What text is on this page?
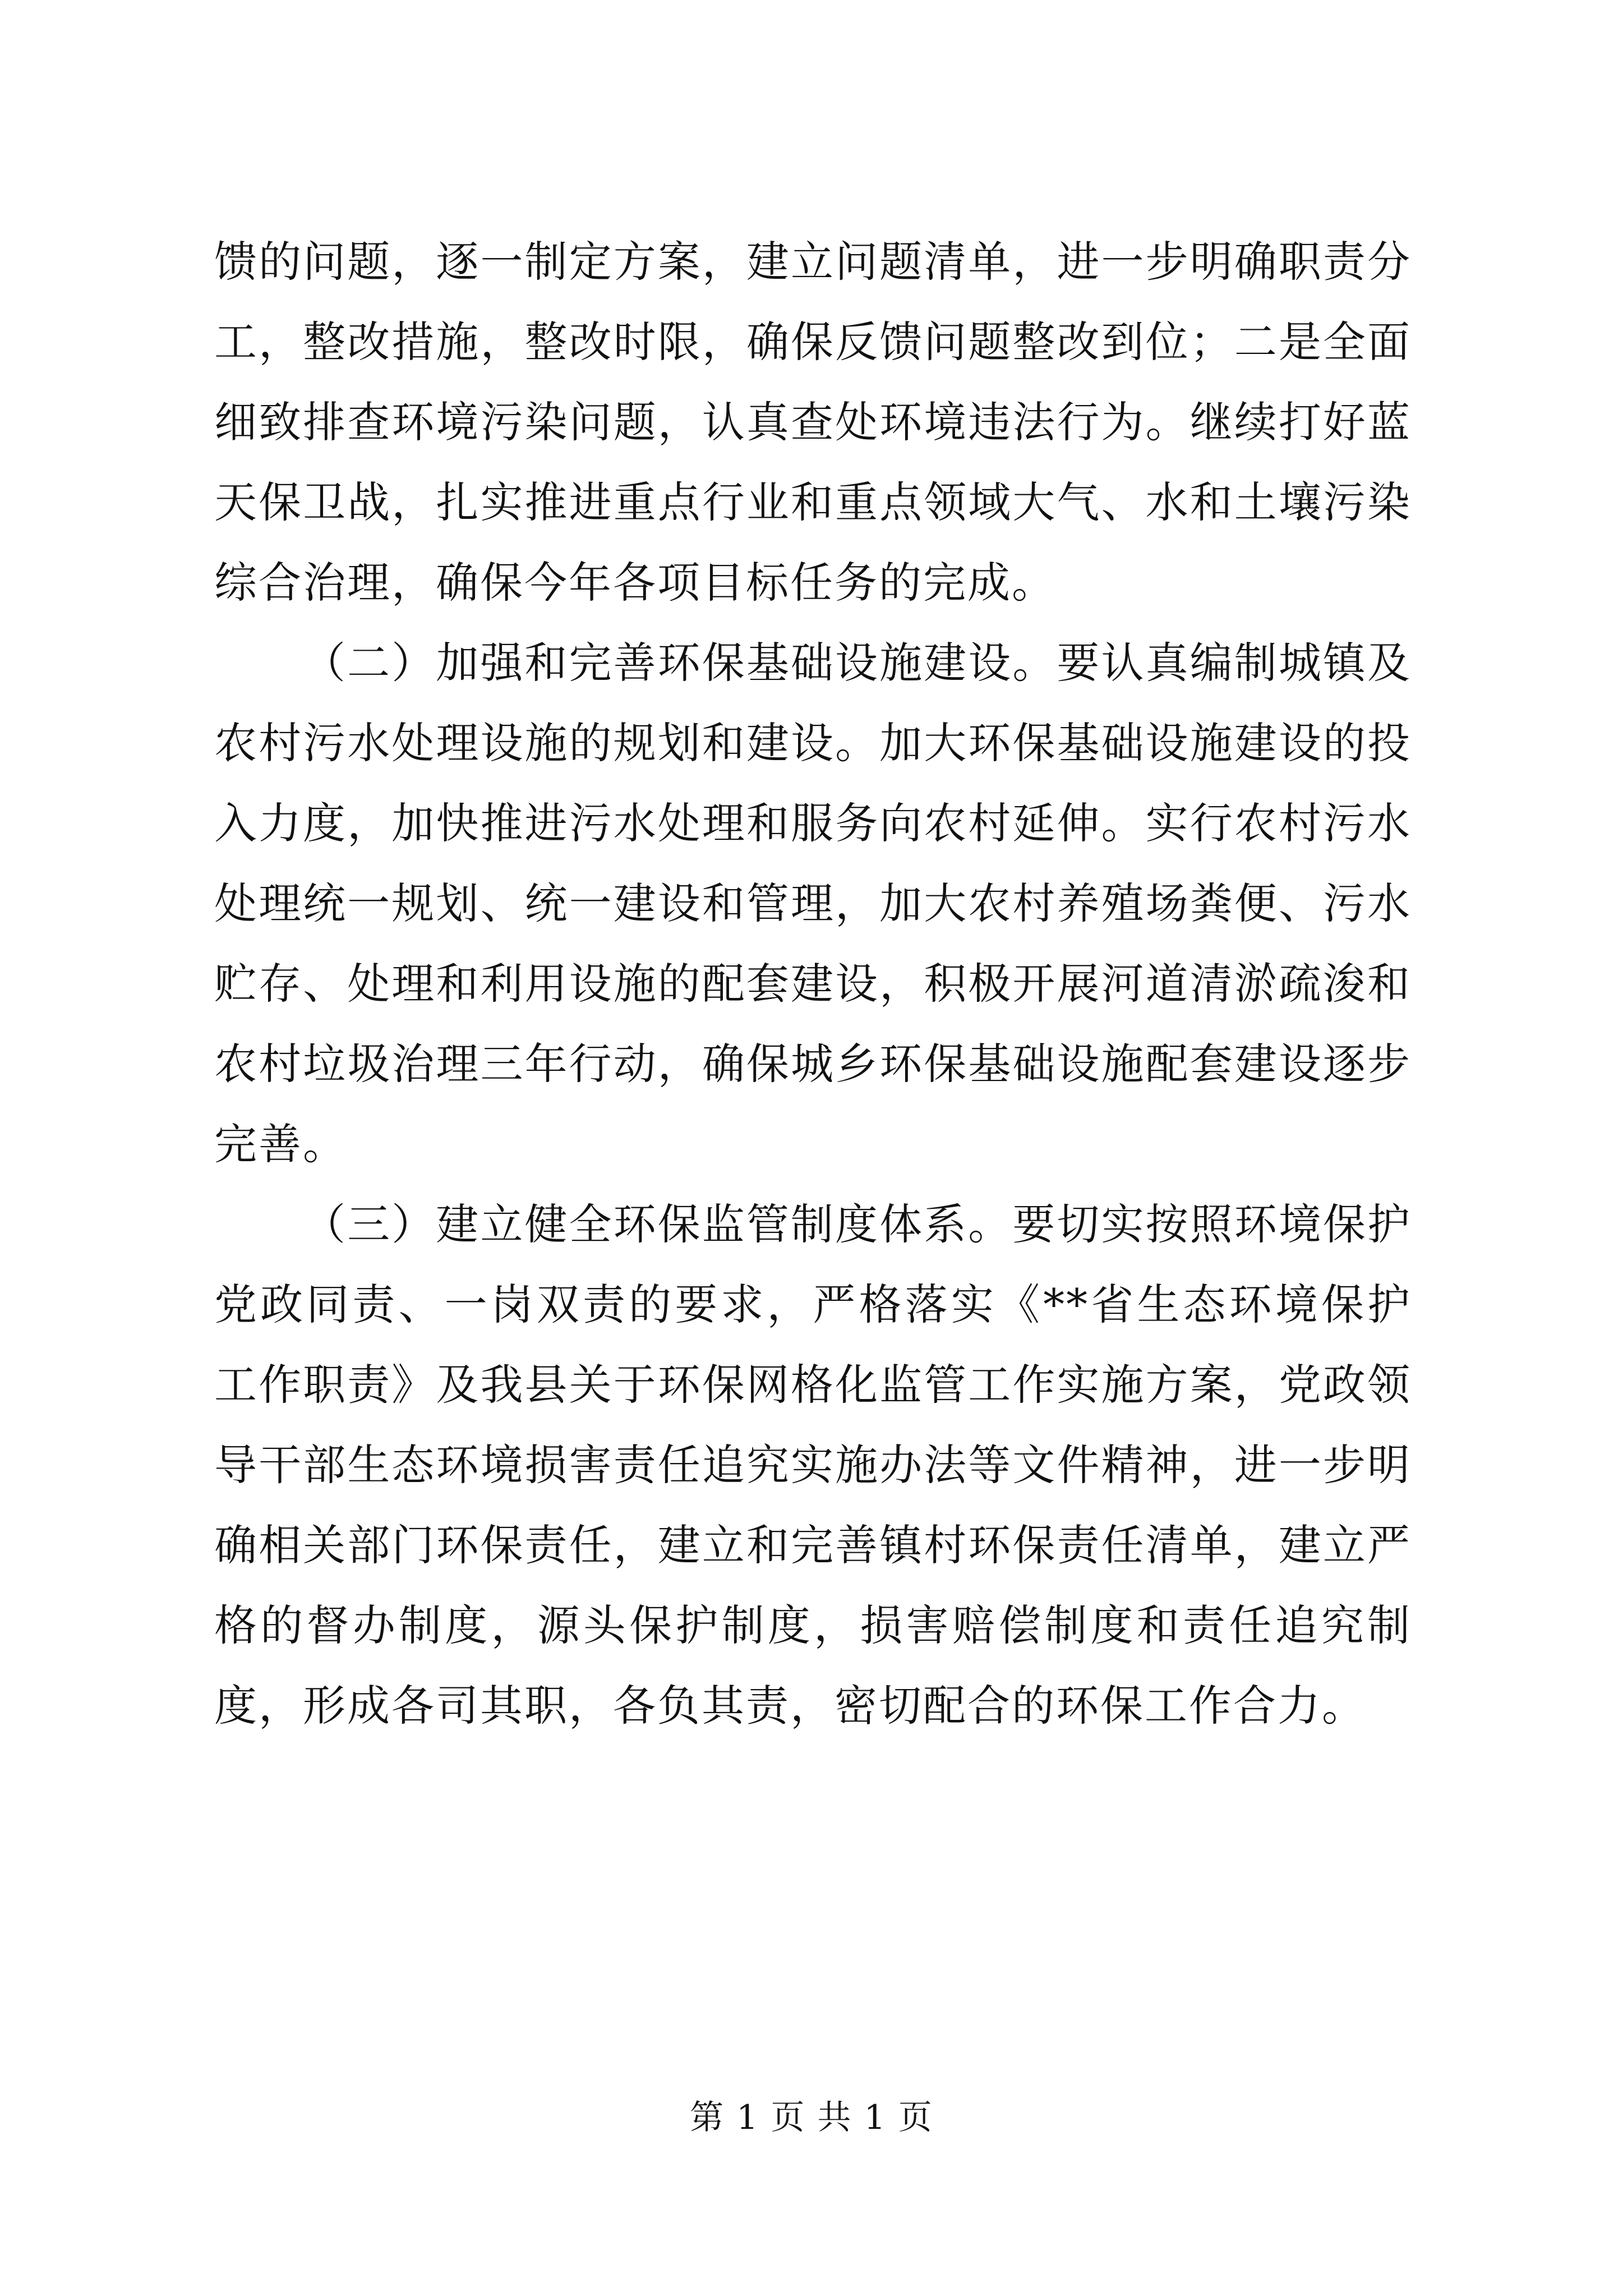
馈的问题，逐一制定方案，建立问题清单，进一步明确职责分工，整改措施，整改时限，确保反馈问题整改到位；二是全面细致排查环境污染问题，认真查处环境违法行为。继续打好蓝天保卫战，扎实推进重点行业和重点领域大气、水和土壤污染综合治理，确保今年各项目标任务的完成。

（二）加强和完善环保基础设施建设。要认真编制城镇及农村污水处理设施的规划和建设。加大环保基础设施建设的投入力度，加快推进污水处理和服务向农村延伸。实行农村污水处理统一规划、统一建设和管理，加大农村养殖场粪便、污水贮存、处理和利用设施的配套建设，积极开展河道清淤疏浚和农村垃圾治理三年行动，确保城乡环保基础设施配套建设逐步完善。

（三）建立健全环保监管制度体系。要切实按照环境保护党政同责、一岗双责的要求，严格落实《**省生态环境保护工作职责》及我县关于环保网格化监管工作实施方案，党政领导干部生态环境损害责任追究实施办法等文件精神，进一步明确相关部门环保责任，建立和完善镇村环保责任清单，建立严格的督办制度，源头保护制度，损害赔偿制度和责任追究制度，形成各司其职，各负其责，密切配合的环保工作合力。

第 1 页 共 1 页
